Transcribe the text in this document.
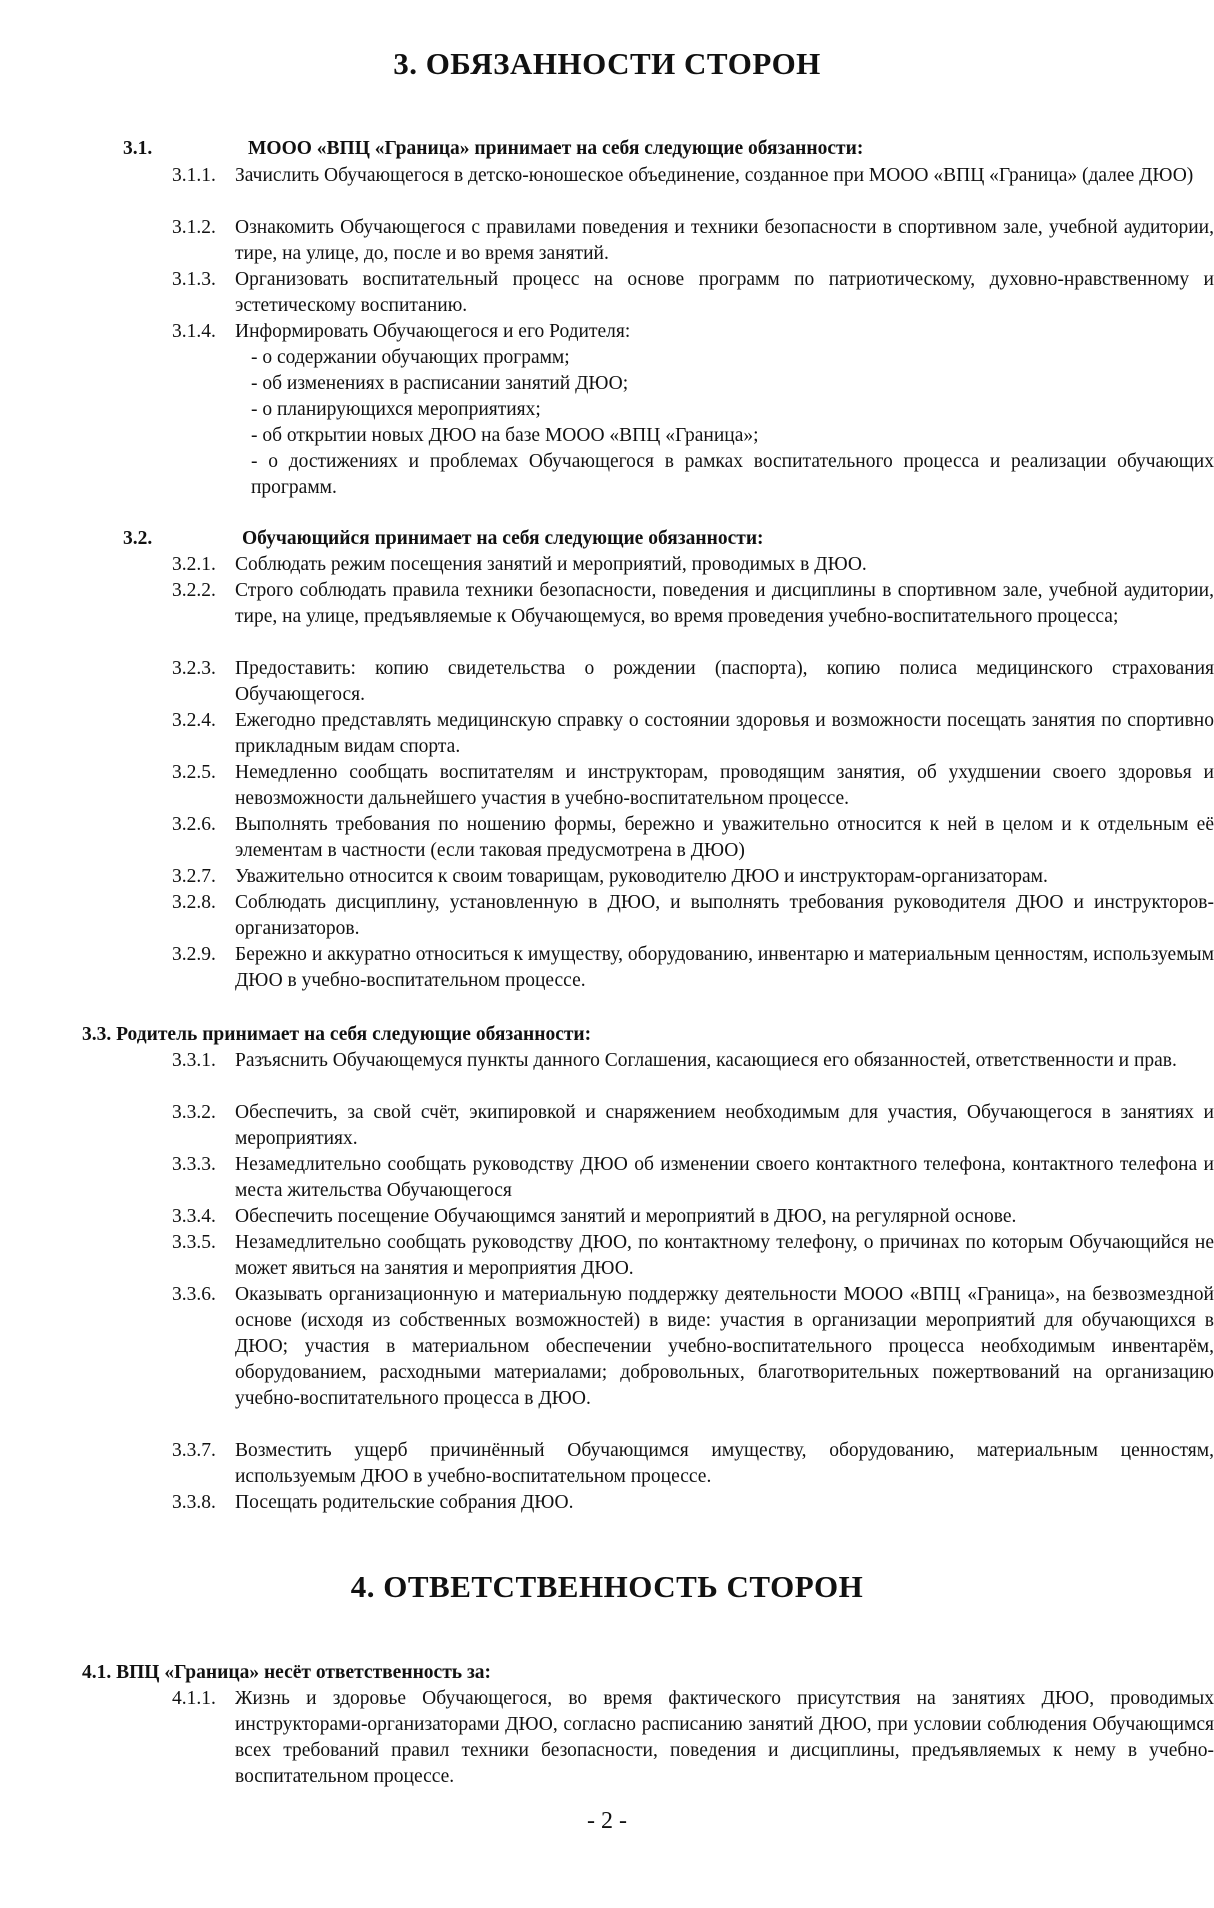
3. ОБЯЗАННОСТИ СТОРОН
3.1.	МООО «ВПЦ «Граница» принимает на себя следующие обязанности:
3.1.1. Зачислить Обучающегося в детско-юношеское объединение, созданное при МООО «ВПЦ «Граница» (далее ДЮО)
3.1.2. Ознакомить Обучающегося с правилами поведения и техники безопасности в спортивном зале, учебной аудитории, тире, на улице, до, после и во время занятий.
3.1.3. Организовать воспитательный процесс на основе программ по патриотическому, духовно-нравственному и эстетическому воспитанию.
3.1.4. Информировать Обучающегося и его Родителя:
- о содержании обучающих программ;
- об изменениях в расписании занятий ДЮО;
- о планирующихся мероприятиях;
- об открытии новых ДЮО на базе МООО «ВПЦ «Граница»;
- о достижениях и проблемах Обучающегося в рамках воспитательного процесса и реализации обучающих программ.
3.2.	Обучающийся принимает на себя следующие обязанности:
3.2.1. Соблюдать режим посещения занятий и мероприятий, проводимых в ДЮО.
3.2.2. Строго соблюдать правила техники безопасности, поведения и дисциплины в спортивном зале, учебной аудитории, тире, на улице, предъявляемые к Обучающемуся, во время проведения учебно-воспитательного процесса;
3.2.3. Предоставить: копию свидетельства о рождении (паспорта), копию полиса медицинского страхования Обучающегося.
3.2.4. Ежегодно представлять медицинскую справку о состоянии здоровья и возможности посещать занятия по спортивно прикладным видам спорта.
3.2.5. Немедленно сообщать воспитателям и инструкторам, проводящим занятия, об ухудшении своего здоровья и невозможности дальнейшего участия в учебно-воспитательном процессе.
3.2.6. Выполнять требования по ношению формы, бережно и уважительно относится к ней в целом и к отдельным её элементам в частности (если таковая предусмотрена в ДЮО)
3.2.7. Уважительно относится к своим товарищам, руководителю ДЮО и инструкторам-организаторам.
3.2.8. Соблюдать дисциплину, установленную в ДЮО, и выполнять требования руководителя ДЮО и инструкторов-организаторов.
3.2.9. Бережно и аккуратно относиться к имуществу, оборудованию, инвентарю и материальным ценностям, используемым ДЮО в учебно-воспитательном процессе.
3.3. Родитель принимает на себя следующие обязанности:
3.3.1. Разъяснить Обучающемуся пункты данного Соглашения, касающиеся его обязанностей, ответственности и прав.
3.3.2. Обеспечить, за свой счёт, экипировкой и снаряжением необходимым для участия, Обучающегося в занятиях и мероприятиях.
3.3.3. Незамедлительно сообщать руководству ДЮО об изменении своего контактного телефона, контактного телефона и места жительства Обучающегося
3.3.4. Обеспечить посещение Обучающимся занятий и мероприятий в ДЮО, на регулярной основе.
3.3.5. Незамедлительно сообщать руководству ДЮО, по контактному телефону, о причинах по которым Обучающийся не может явиться на занятия и мероприятия ДЮО.
3.3.6. Оказывать организационную и материальную поддержку деятельности МООО «ВПЦ «Граница», на безвозмездной основе (исходя из собственных возможностей) в виде: участия в организации мероприятий для обучающихся в ДЮО; участия в материальном обеспечении учебно-воспитательного процесса необходимым инвентарём, оборудованием, расходными материалами; добровольных, благотворительных пожертвований на организацию учебно-воспитательного процесса в ДЮО.
3.3.7. Возместить ущерб причинённый Обучающимся имуществу, оборудованию, материальным ценностям, используемым ДЮО в учебно-воспитательном процессе.
3.3.8. Посещать родительские собрания ДЮО.
4. ОТВЕТСТВЕННОСТЬ СТОРОН
4.1. ВПЦ «Граница» несёт ответственность за:
4.1.1. Жизнь и здоровье Обучающегося, во время фактического присутствия на занятиях ДЮО, проводимых инструкторами-организаторами ДЮО, согласно расписанию занятий ДЮО, при условии соблюдения Обучающимся всех требований правил техники безопасности, поведения и дисциплины, предъявляемых к нему в учебно-воспитательном процессе.
- 2 -
